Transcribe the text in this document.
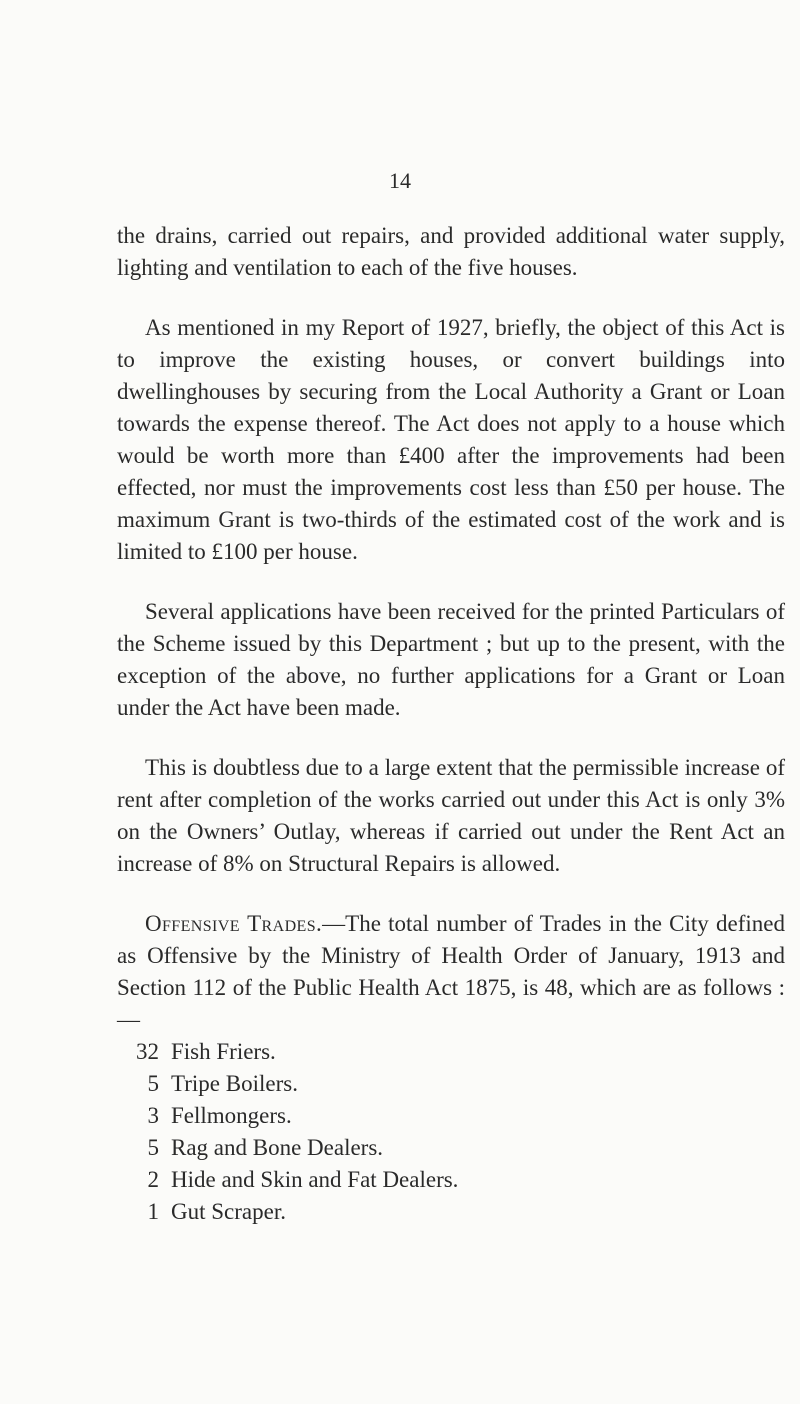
14

the drains, carried out repairs, and provided additional water supply, lighting and ventilation to each of the five houses.

As mentioned in my Report of 1927, briefly, the object of this Act is to improve the existing houses, or convert buildings into dwellinghouses by securing from the Local Authority a Grant or Loan towards the expense thereof. The Act does not apply to a house which would be worth more than £400 after the improvements had been effected, nor must the improvements cost less than £50 per house. The maximum Grant is two-thirds of the estimated cost of the work and is limited to £100 per house.

Several applications have been received for the printed Particulars of the Scheme issued by this Department ; but up to the present, with the exception of the above, no further applications for a Grant or Loan under the Act have been made.

This is doubtless due to a large extent that the permissible increase of rent after completion of the works carried out under this Act is only 3% on the Owners’ Outlay, whereas if carried out under the Rent Act an increase of 8% on Structural Repairs is allowed.

Offensive Trades.—The total number of Trades in the City defined as Offensive by the Ministry of Health Order of January, 1913 and Section 112 of the Public Health Act 1875, is 48, which are as follows :—

32 Fish Friers.
5 Tripe Boilers.
3 Fellmongers.
5 Rag and Bone Dealers.
2 Hide and Skin and Fat Dealers.
1 Gut Scraper.
